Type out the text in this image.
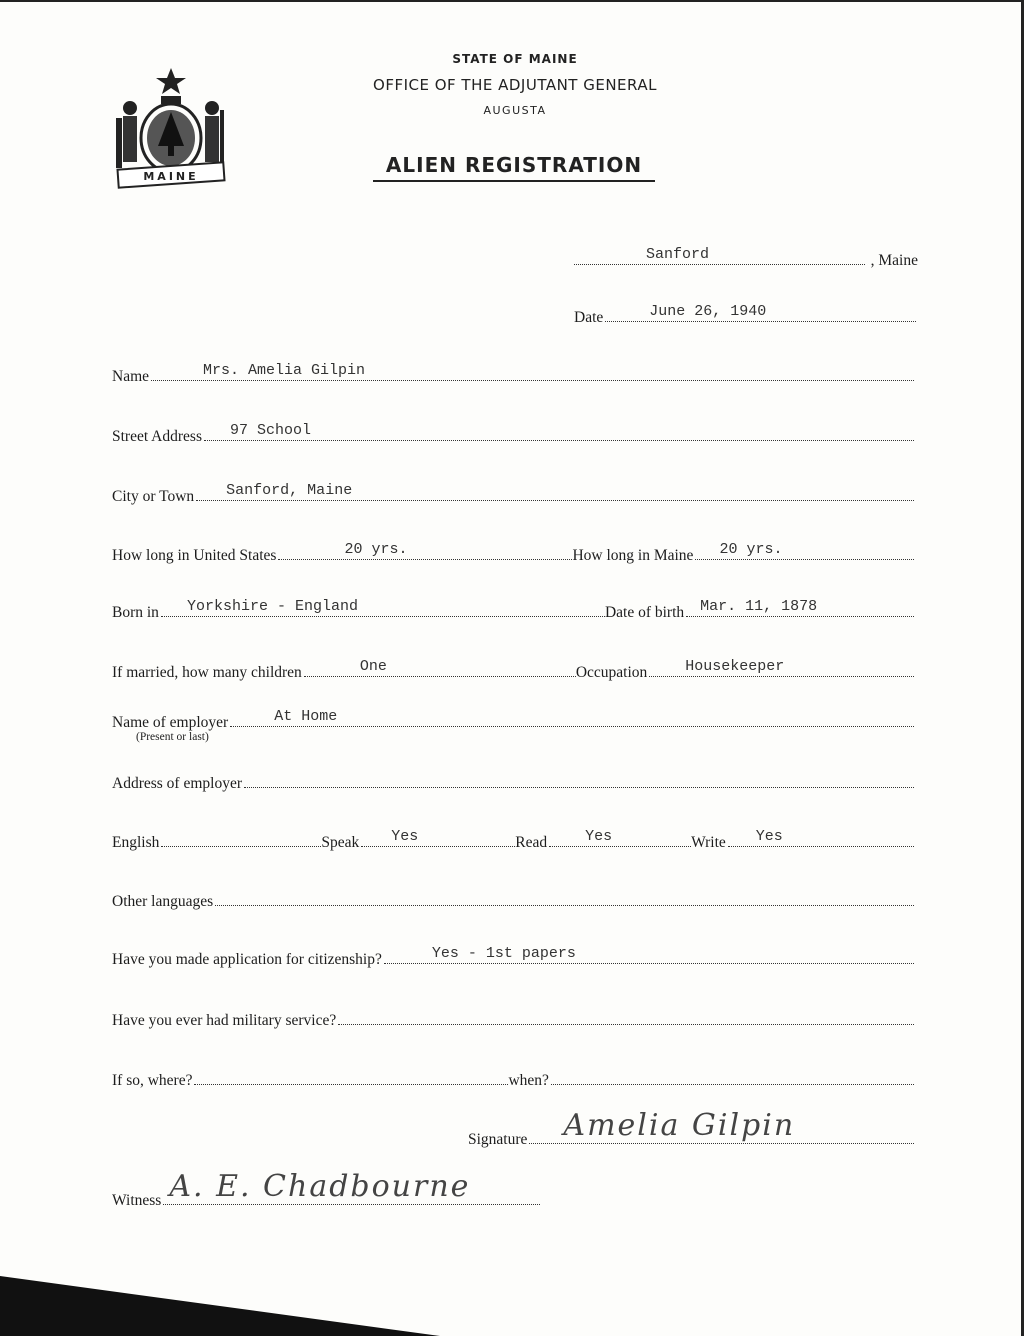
MAINE
STATE OF MAINE
OFFICE OF THE ADJUTANT GENERAL
AUGUSTA
ALIEN REGISTRATION
Sanford	, Maine
Date	June 26, 1940
Name	Mrs. Amelia Gilpin
Street Address 97 School
City or Town Sanford, Maine
How long in United States	20 yrs.	How long in Maine 20 yrs.
Born in Yorkshire - England	Date of birth Mar. 11, 1878
If married, how many children	One	Occupation	Housekeeper
Name of employer	At Home
(Present or last)
Address of employer
English	Speak Yes	Read	Yes	Write Yes
Other languages
Have you made application for citizenship?	Yes - 1st papers
Have you ever had military service?
If so, where?	when?
Signature Amelia Gilpin
Witness A. E. Chadbourne
